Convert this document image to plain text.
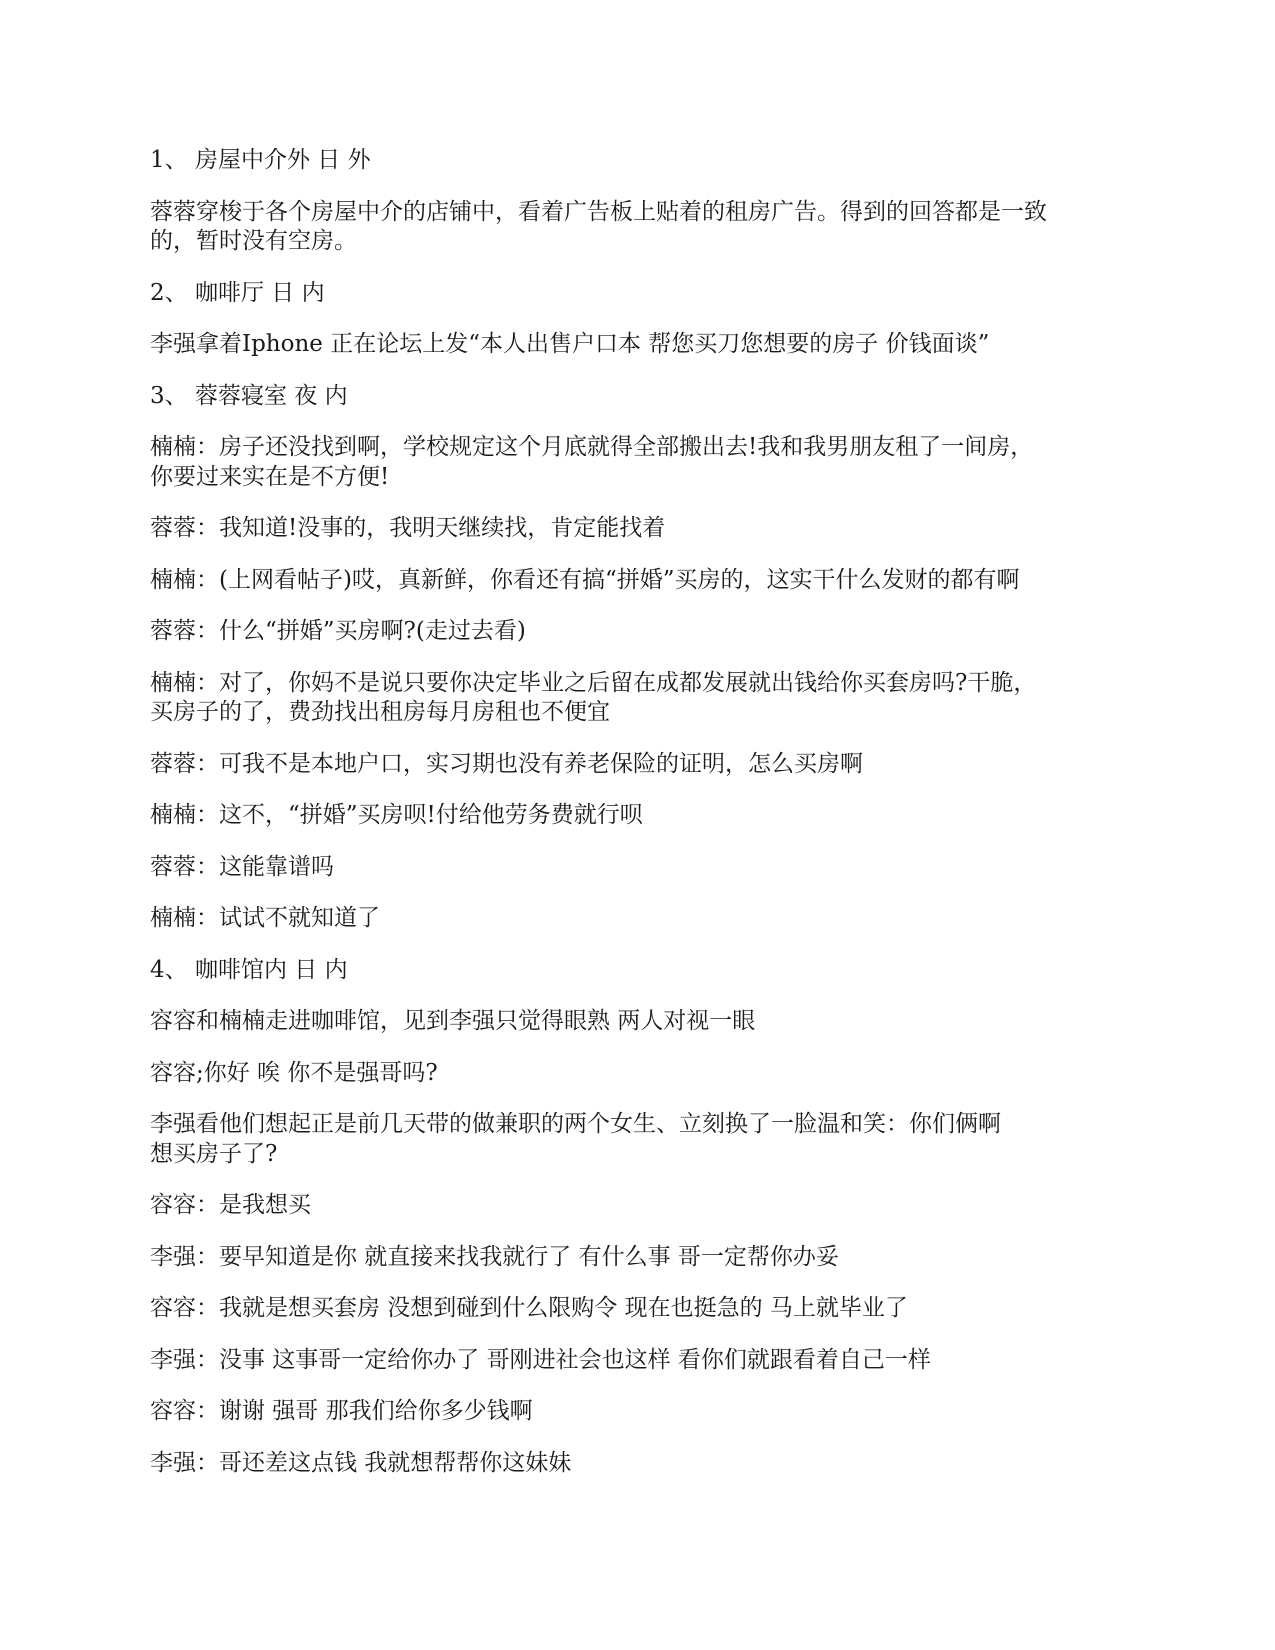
1、 房屋中介外 日 外
蓉蓉穿梭于各个房屋中介的店铺中，看着广告板上贴着的租房广告。得到的回答都是一致
的，暂时没有空房。
2、 咖啡厅 日 内
李强拿着Iphone 正在论坛上发“本人出售户口本 帮您买刀您想要的房子 价钱面谈”
3、 蓉蓉寝室 夜 内
楠楠：房子还没找到啊，学校规定这个月底就得全部搬出去!我和我男朋友租了一间房，
你要过来实在是不方便!
蓉蓉：我知道!没事的，我明天继续找，肯定能找着
楠楠：(上网看帖子)哎，真新鲜，你看还有搞“拼婚”买房的，这实干什么发财的都有啊
蓉蓉：什么“拼婚”买房啊?(走过去看)
楠楠：对了，你妈不是说只要你决定毕业之后留在成都发展就出钱给你买套房吗?干脆，
买房子的了，费劲找出租房每月房租也不便宜
蓉蓉：可我不是本地户口，实习期也没有养老保险的证明，怎么买房啊
楠楠：这不，“拼婚”买房呗!付给他劳务费就行呗
蓉蓉：这能靠谱吗
楠楠：试试不就知道了
4、 咖啡馆内 日 内
容容和楠楠走进咖啡馆，见到李强只觉得眼熟 两人对视一眼
容容;你好 唉 你不是强哥吗?
李强看他们想起正是前几天带的做兼职的两个女生、立刻换了一脸温和笑：你们俩啊
想买房子了?
容容：是我想买
李强：要早知道是你 就直接来找我就行了 有什么事 哥一定帮你办妥
容容：我就是想买套房 没想到碰到什么限购令 现在也挺急的 马上就毕业了
李强：没事 这事哥一定给你办了 哥刚进社会也这样 看你们就跟看着自己一样
容容：谢谢 强哥 那我们给你多少钱啊
李强：哥还差这点钱 我就想帮帮你这妹妹
